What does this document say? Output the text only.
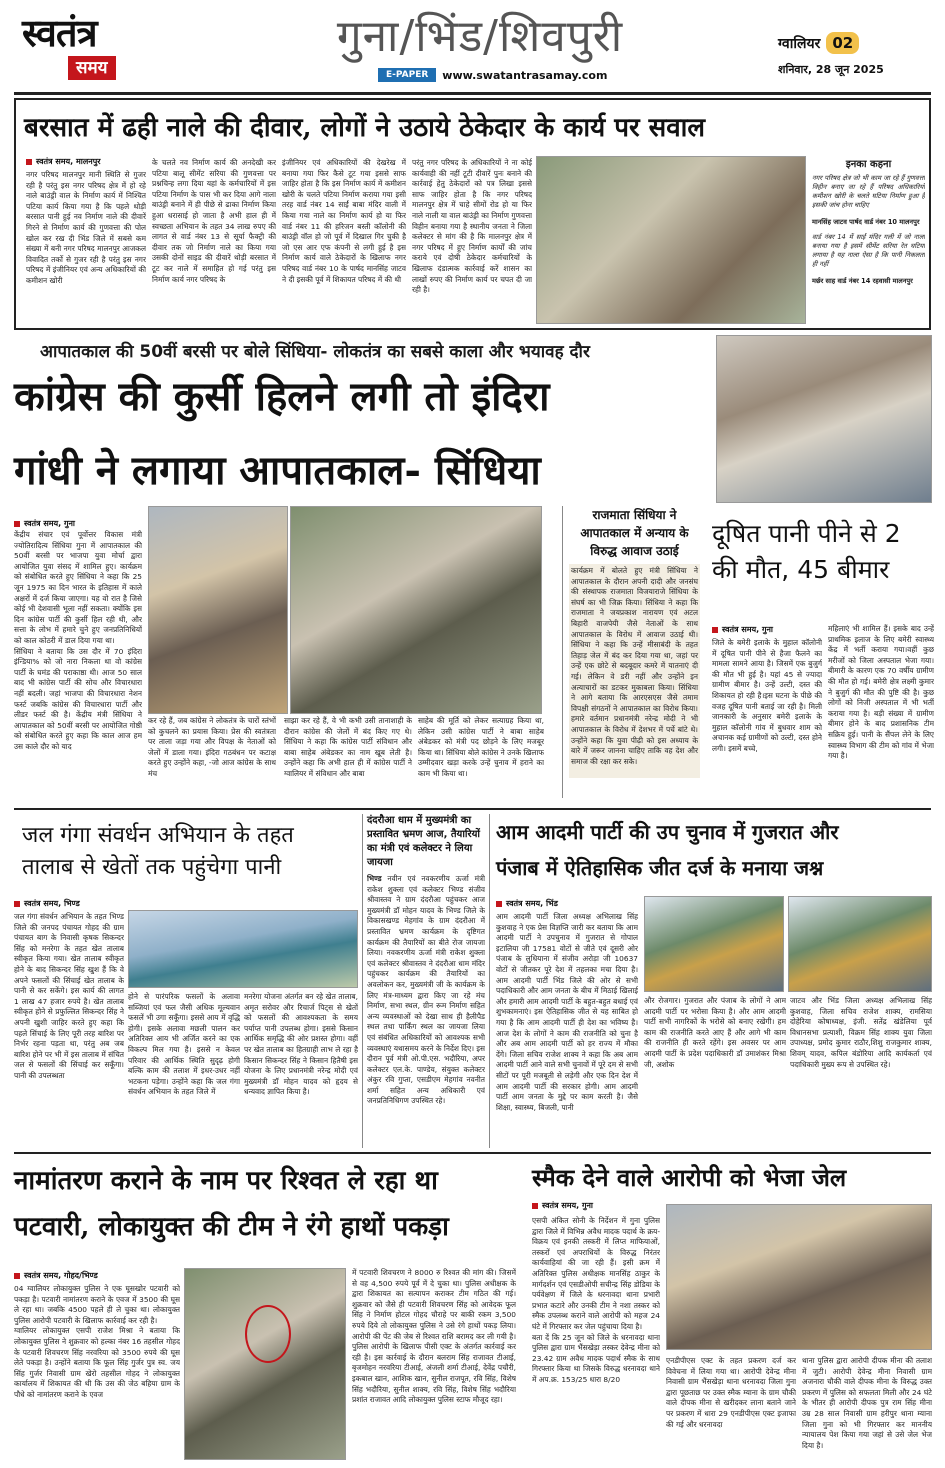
स्वतंत्र
समय
गुना/भिंड/शिवपुरी
E-PAPER	www.swatantrasamay.com
ग्वालियर 02
शनिवार, 28 जून 2025
बरसात में ढही नाले की दीवार, लोगों ने उठाये ठेकेदार के कार्य पर सवाल
स्वतंत्र समय, मालनपुर
नगर परिषद मालनपुर मानी स्थिति से गुजर रही है परंतु इस नगर परिषद क्षेत्र में हो रहे नाले बाउंड्री वाल के निर्माण कार्य में निश्चित पटिया कार्य किया गया है कि पहले थोड़ी बरसात पानी हुई नव निर्माण नाले की दीवारें गिरने से निर्माण कार्य की गुणवत्ता की पोल खोल कर रख दी भिंड जिले में सबसे कम संख्या में बनी नगर परिषद मालनपुर आजकल विवादित तर्को से गुजर रही है परंतु इस नगर परिषद में इंजीनियर एवं अन्य अधिकारियों की कमीशन खोरी
के चलते नव निर्माण कार्य की अनदेखी कर पटिया बालू सीमेंट सरिया की गुणवत्ता पर प्रश्नचिन्ह लगा दिया यहां के कर्मचारियों में इस पटिया निर्माण के पास भी कर दिया आगे नाला बाउंड्री बनाने में ही पीछे से ढाका निर्माण किया हुआ धरासाई हो जाता है अभी हाल ही में स्वच्छता अभियान के तहत 34 लाख रुपए की लागत से वार्ड नंबर 13 से सूर्या फैक्ट्री की दीवार तक जो निर्माण नाले का किया गया उसकी दोनों साइड की दीवारें थोड़ी बरसात में टूट कर नाले में समाहित हो गई परंतु इस निर्माण कार्य नगर परिषद के
इंजीनियर एवं अधिकारियों की देखरेख में बनाया गया फिर कैसे टूट गया इससे साफ जाहिर होता है कि इस निर्माण कार्य में कमीशन खोरी के चलते पटिया निर्माण कराया गया इसी तरह वार्ड नंबर 14 साईं बाबा मंदिर वाली में किया गया नाले का निर्माण कार्य हो या फिर वार्ड नंबर 11 की हरिजन बस्ती कॉलोनी की बाउंड्री वॉल हो जो पूर्व में दिखाल गिर चुकी है जो एस आर एफ कंपनी से लगी हुई है इस निर्माण कार्य वाले ठेकेदारों के खिलाफ नगर परिषद वार्ड नंबर 10 के पार्षद मानसिंह जाटव ने दी इसकी पूर्व में शिकायत परिषद में की थी
परंतु नगर परिषद के अधिकारियों ने ना कोई कार्यवाही की नहीं टूटी दीवारें पुनः बनाने की कार्रवाई हेतु ठेकेदारों को पत्र लिखा इससे साफ जाहिर होता है कि नगर परिषद मालनपुर क्षेत्र में चाहे सीमों रोड हो या फिर नाले नाली या वाल बाउंड्री का निर्माण गुणवत्ता विहीन बनाया गया है स्थानीय जनता ने जिला कलेक्टर से मांग की है कि मालनपुर क्षेत्र में नगर परिषद में हुए निर्माण कार्यों की जांच कराये एवं दोषी ठेकेदार कर्मचारियों के खिलाफ दंडात्मक कार्रवाई करें शासन का लाखों रुपए की निर्माण कार्य पर चपत दी जा रही है।
इनका कहना
नगर परिषद क्षेत्र जो भी काम जा रहे हैं गुणवत्ता विहीन बनाए जा रहे हैं परिषद अधिकारियों कमीशन खोरी के चलते घटिया निर्माण हुआ है इसकी जांच होना चाहिए
मानसिंह जाटव पार्षद वार्ड नंबर 10 मालनपुर
वार्ड नंबर 14 में साईं मंदिर गली में जो नाला बनाया गया है इसमें सीमेंट सरिया रेत घटिया लगाया है यह नाला ऐसा है कि पानी निकलता ही नहीं
मर्छर साह वार्ड नंबर 14 रहवासी मालनपुर
आपातकाल की 50वीं बरसी पर बोले सिंधिया- लोकतंत्र का सबसे काला और भयावह दौर
कांग्रेस की कुर्सी हिलने लगी तो इंदिरा
गांधी ने लगाया आपातकाल- सिंधिया
स्वतंत्र समय, गुना
केंद्रीय संचार एवं पूर्वोत्तर विकास मंत्री ज्योतिरादित्य सिंधिया गुना में आपातकाल की 50वीं बरसी पर भाजपा युवा मोर्चा द्वारा आयोजित युवा संसद में शामिल हुए। कार्यक्रम को संबोधित करते हुए सिंधिया ने कहा कि 25 जून 1975 का दिन भारत के इतिहास में काले अक्षरों में दर्ज किया जाएगा। यह वो रात है जिसे कोई भी देशवासी भूला नहीं सकता। क्योंकि इस दिन कांग्रेस पार्टी की कुर्सी हिल रही थी, और सत्ता के लोभ में हमारे चुने हुए जनप्रतिनिधियों को काल कोठरी में डाल दिया गया था।
सिंधिया ने बताया कि उस दौर में 70 इंदिरा इंन्डिया% को जो नारा निकला था वो कांग्रेस पार्टी के घमंड की पराकाष्ठा थी। आज 50 साल बाद भी कांग्रेस पार्टी की सोच और विचारधारा नहीं बदली। जहां भाजपा की विचारधारा नेशन फर्स्ट जबकि कांग्रेस की विचारधारा पार्टी और लीडर फर्स्ट की है। केंद्रीय मंत्री सिंधिया ने आपातकाल को 50वीं बरसी पर आयोजित गोष्ठी को संबोधित करते हुए कहा कि काल आज हम उस काले दौर को याद
कर रहे हैं, जब कांग्रेस ने लोकतंत्र के चारों स्तंभों को कुचलने का प्रयास किया। प्रेस की स्वतंत्रता पर ताला जड़ा गया और विपक्ष के नेताओं को जेलों में डाला गया। इंदिरा गठबंधन पर कटाक्ष करते हुए उन्होंने कहा, -जो आज कांग्रेस के साथ मंच
साझा कर रहे हैं, वे भी कभी उसी तानाशाही के दौरान कांग्रेस की जेलों में बंद किए गए थे। सिंधिया ने कहा कि कांग्रेस पार्टी संविधान और बाबा साहेब अंबेडकर का नाम खूब लेती है। उन्होंने कहा कि अभी हाल ही में कांग्रेस पार्टी ने ग्वालियर में संविधान और बाबा
साहेब की मूर्ति को लेकर सत्याग्रह किया था, लेकिन उसी कांग्रेस पार्टी ने बाबा साहेब अंबेडकर को मंत्री पद छोड़ने के लिए मजबूर किया था। सिंधिया बोले कांग्रेस ने उनके खिलाफ उम्मीदवार खड़ा करके उन्हें चुनाव में हराने का काम भी किया था।
राजमाता सिंधिया ने आपातकाल में अन्याय के विरुद्ध आवाज उठाई
कार्यक्रम में बोलते हुए मंत्री सिंधिया ने आपातकाल के दौरान अपनी दादी और जनसंघ की संस्थापक राजमाता विजयाराजे सिंधिया के संघर्ष का भी जिक्र किया। सिंधिया ने कहा कि राजमाता ने जयप्रकाश नारायण एवं अटल बिहारी वाजपेयी जैसे नेताओं के साथ आपातकाल के विरोध में आवाज उठाई थी। सिंधिया ने कहा कि उन्हें मीसाबंदी के तहत तिहाड़ जेल में बंद कर दिया गया था, जहां पर उन्हें एक छोटे से बदबूदार कमरे में यातनाएं दी गई। लेकिन वे डरी नहीं और उन्होंने इन अत्याचारों का डटकर मुकाबला किया। सिंधिया ने आगे बताया कि आरएसएस जैसे तमाम विपक्षी संगठनों ने आपातकाल का विरोध किया। हमारे वर्तमान प्रधानमंत्री नरेन्द्र मोदी ने भी आपातकाल के विरोध में देशभर में पर्चे बांटे थे। उन्होंने कहा कि युवा पीढ़ी को इस अध्याय के बारे में जरूर जानना चाहिए ताकि वह देश और समाज की रक्षा कर सके।
दूषित पानी पीने से 2 की मौत, 45 बीमार
स्वतंत्र समय, गुना
जिले के बमेरी इलाके के मुहाल कॉलोनी में दूषित पानी पीने से हैजा फैलने का मामला सामने आया है। जिसमें एक बुजुर्ग की मौत भी हुई है। यहां 45 से ज्यादा ग्रामीण बीमार है। उन्हें उल्टी, दस्त की शिकायत हो रही है।इस घटना के पीछे की वजह दूषित पानी बताई जा रही है। मिली जानकारी के अनुसार बमेरी इलाके के मुहाल कॉलोनी गांव में बुधवार शाम को अचानक कई ग्रामीणों को उल्टी, दस्त होने लगी। इसमें बच्चे,
महिलाएं भी शामिल हैं। इसके बाद उन्हें प्राथमिक इलाज के लिए बमेरी स्वास्थ्य केंद्र में भर्ती कराया गया।वहीं कुछ मरीजों को जिला अस्पताल भेजा गया। बीमारी के कारण एक 70 वर्षीय ग्रामीण की मौत हो गई। बमेरी क्षेत्र लक्ष्मी कुमार ने बुजुर्ग की मौत की पुष्टि की है। कुछ लोगों को निजी अस्पताल में भी भर्ती कराया गया है। बड़ी संख्या में ग्रामीण बीमार होने के बाद प्रशासनिक टीम सक्रिय हुई। पानी के सैंपल लेने के लिए स्वास्थ्य विभाग की टीम को गांव में भेजा गया है।
जल गंगा संवर्धन अभियान के तहत तालाब से खेतों तक पहुंचेगा पानी
स्वतंत्र समय, भिण्ड
जल गंगा संवर्धन अभियान के तहत भिण्ड जिले की जनपद पंचायत गोहद की ग्राम पंचायत बाग के निवासी कृषक सिकन्दर सिंह को मनरेगा के तहत खेत तालाब स्वीकृत किया गया। खेत तालाब स्वीकृत होने के बाद सिकन्दर सिंह खुश हैं कि वे अपने फसलों की सिंचाई खेत तालाब के पानी से कर सकेंगे। इस कार्य की लागत 1 लाख 47 हजार रुपये है। खेत तालाब स्वीकृत होने से प्रफुल्लित सिकन्दर सिंह ने अपनी खुशी जाहिर करते हुए कहा कि पहले सिंचाई के लिए पूरी तरह बारिश पर निर्भर रहना पड़ता था, परंतु अब जब बारिश होने पर भी में इस तालाब में संचित जल से फसलों की सिंचाई कर सकूँगा। पानी की उपलब्धता
होने से पारंपरिक फसलों के अलावा सब्जियां एवं फल जैसी अधिक मूल्यवान फसलें भी उगा सकूँगा। इससे आय में वृद्धि होगी। इसके अलावा मछली पालन कर अतिरिक्त आय भी अर्जित करने का एक विकल्प मिल गया है। इससे न केवल परिवार की आर्थिक स्थिति सुदृढ़ होगी बल्कि काम की तलाश में इधर-उधर नहीं भटकना पड़ेगा। उन्होंने कहा कि जल गंगा संवर्धन अभियान के तहत जिले में
मनरेगा योजना अंतर्गत बन रहे खेत तालाब, अमृत सरोवर और रिचार्ज पिट्स से खेतों को फसलों की आवश्यकता के समय पर्याप्त पानी उपलब्ध होगा। इससे किसान आर्थिक समृद्धि की ओर प्रशस्त होगा। वहीं पर खेत तालाब का हितग्राही लाभ ले रहा है किसान सिकन्दर सिंह ने किसान हितैषी इस योजना के लिए प्रधानमंत्री नरेन्द्र मोदी एवं मुख्यमंत्री डॉ मोहन यादव को हृदय से धन्यवाद ज्ञापित किया है।
दंदरौआ धाम में मुख्यमंत्री का प्रस्तावित भ्रमण आज, तैयारियों का मंत्री एवं कलेक्टर ने लिया जायजा
भिण्ड नवीन एवं नवकरणीय ऊर्जा मंत्री राकेश शुक्ला एवं कलेक्टर भिण्ड संजीव श्रीवास्तव ने ग्राम दंदरौआ पहुंचकर आज मुख्यमंत्री डॉ मोहन यादव के भिण्ड जिले के विकासखण्ड मेहगांव के ग्राम दंदरौआ में प्रस्तावित भ्रमण कार्यक्रम के दृष्टिगत कार्यक्रम की तैयारियों का बीते रोज जायजा लिया। नवकरणीय ऊर्जा मंत्री राकेश शुक्ला एवं कलेक्टर श्रीवास्तव ने दंदरौआ धाम मंदिर पहुंचकर कार्यक्रम की तैयारियों का अवलोकन कर, मुख्यमंत्री जी के कार्यक्रम के लिए मंत्र-माध्यम द्वारा किए जा रहे मंच निर्माण, सभा स्थल, ग्रीन रूम निर्माण सहित अन्य व्यवस्थाओं को देखा साथ ही हैलीपैड स्थल तथा पार्किंग स्थल का जायजा लिया एवं संबंधित अधिकारियों को आवश्यक सभी व्यवस्थाएं यथासमय करने के निर्देश दिए। इस दौरान पूर्व मंत्री ओ.पी.एस. भदौरिया, अपर कलेक्टर एल.के. पाण्डेय, संयुक्त कलेक्टर अंकुर रवि गुप्ता, एसडीएम मेहगांव नवनीत शर्मा सहित अन्य अधिकारी एवं जनप्रतिनिधिगण उपस्थित रहे।
आम आदमी पार्टी की उप चुनाव में गुजरात और
पंजाब में ऐतिहासिक जीत दर्ज के मनाया जश्न
स्वतंत्र समय, भिंड
आम आदमी पार्टी जिला अध्यक्ष अभिलाख सिंह कुशवाह ने एक प्रेस विज्ञप्ति जारी कर बताया कि आम आदमी पार्टी ने उपचुनाव में गुजरात से गोपाल इटालिया जी 17581 वोटों से जीते एवं दूसरी ओर पंजाब के लुधियाना में संजीव अरोड़ा जी 10637 वोटों से जीतकर पूरे देश में तहलका मचा दिया है। आम आदमी पार्टी भिंड जिले की ओर से सभी पदाधिकारी और आम जनता के बीच में मिठाई खिलाई और हमारी आम आदमी पार्टी के बहुत-बहुत बधाई एवं शुभकामनाएं। इस ऐतिहासिक जीत से यह साबित हो गया है कि आम आदमी पार्टी ही देश का भविष्य है। आज देश के लोगों ने काम की राजनीति को चुना है और अब आम आदमी पार्टी को हर राज्य में मौका देंगे। जिला सचिव राजेश शाक्य ने कहा कि अब आम आदमी पार्टी आने वाले सभी चुनावों में पूरे दम से सभी सीटों पर पूरी मजबूती से लड़ेगी और एक दिन देश में आम आदमी पार्टी की सरकार होगी। आम आदमी पार्टी आम जनता के मुद्दे पर काम करती है। जैसे शिक्षा, स्वास्थ्य, बिजली, पानी
और रोजगार। गुजरात और पंजाब के लोगों ने आम आदमी पार्टी पर भरोसा किया है। और आम आदमी पार्टी सभी नागरिकों के भरोसे को बनाए रखेगी। हम काम की राजनीति करते आए हैं और आगे भी काम की राजनीति ही करते रहेंगे। इस अवसर पर आम आदमी पार्टी के प्रदेश पदाधिकारी डॉ उमाशंकर मिश्रा जी, अशोक
जाटव और भिंड जिला अध्यक्ष अभिलाख सिंह कुशवाह, जिला सचिव राजेश शाक्य, रामसिया दोहेरिया कोषाध्यक्ष, इंजी. सतेंद्र खंडेलिया पूर्व विधानसभा प्रत्याशी, विक्रम सिंह शाक्य युवा जिला उपाध्यक्ष, प्रमोद कुमार राठौर,शिशु राजकुमार शाक्य, शिवम् यादव, कपिल बंडोरिया आदि कार्यकर्ता एवं पदाधिकारी मुख्य रूप से उपस्थित रहे।
नामांतरण कराने के नाम पर रिश्वत ले रहा था
पटवारी, लोकायुक्त की टीम ने रंगे हाथों पकड़ा
स्वतंत्र समय, गोहद/भिण्ड
04 ग्वालियर लोकायुक्त पुलिस ने एक घूसखोर पटवारी को पकड़ा है। पटवारी नामांतरण कराने के एवज में 3500 की घूस ले रहा था। जबकि 4500 पहले ही ले चुका था। लोकायुक्त पुलिस आरोपी पटवारी के खिलाफ कार्रवाई कर रही है।
ग्वालियर लोकायुक्त एसपी राजेश मिश्रा ने बताया कि लोकायुक्त पुलिस ने शुक्रवार को हल्का नंबर 16 तहसील गोहद के पटवारी शिवचरण सिंह नरवरिया को 3500 रुपये की घूस लेते पकड़ा है। उन्होंने बताया कि फूल सिंह गुर्जर पुत्र स्व. जय सिंह गुर्जर निवासी ग्राम खेरो तहसील गोहद ने लोकायुक्त कार्यालय में शिकायत की थी कि उस की जेठ बहिया ग्राम के पौधे को नामांतरण कराने के एवज
में पटवारी शिवचरण ने 8000 रु रिश्वत की मांग की। जिसमें से वह 4,500 रुपये पूर्व में दे चुका था। पुलिस अधीक्षक के द्वारा शिकायत का सत्यापन कराकर टीम गठित की गई। शुक्रवार को जैसे ही पटवारी शिवचरण सिंह को आवेदक फूल सिंह ने निर्माण होटल गोहद चौराहे पर बाकी रकम 3,500 रुपये दिये तो लोकायुक्त पुलिस ने उसे रंगे हाथों पकड़ लिया। आरोपी की पेंट की जेब से रिश्वत राशि बरामद कर ली गयी है। पुलिस आरोपी के खिलाफ पीसी एक्ट के अंतर्गत कार्रवाई कर रही है। इस कार्रवाई के दौरान बलराम सिंह राजावत टीआई, बृजमोहन नरवरिया टीआई, अंजली शर्मा टीआई, देवेंद्र पचौरी, इकबाल खान, आशिक खान, सुनील राजपूत, रवि सिंह, विशेष सिंह भदौरिया, सुनील शाक्य, रवि सिंह, विशेष सिंह भदौरिया प्रशांत राजावत आदि लोकायुक्त पुलिस स्टाफ मौजूद रहा।
स्मैक देने वाले आरोपी को भेजा जेल
स्वतंत्र समय, गुना
एसपी अंकित सोनी के निर्देशन में गुना पुलिस द्वारा जिले में विभिन्न अवैध मादक पदार्थ के क्रय-विक्रय एवं इनकी तस्करी में लिप्त माफियाओं, तस्करों एवं अपराधियों के विरुद्ध निरंतर कार्यवाहियां की जा रही हैं। इसी क्रम में अतिरिक्त पुलिस अधीक्षक मानसिंह ठाकुर के मार्गदर्शन एवं एसडीओपी सचीन्द्र सिंह डोडिया के पर्यवेक्षण में जिले के धरनावदा थाना प्रभारी प्रभात कटारे और उनकी टीम ने नशा तस्कर को स्मैक उपलब्ध कराने वाले आरोपी को महज 24 घंटे में गिरफ्तार कर जेल पहुंचाया दिया है।
बता दें कि 25 जून को जिले के धरनावदा थाना पुलिस द्वारा ग्राम भैंसखेड़ा तस्कर देवेन्द्र मीना को 23.42 ग्राम अवैध मादक पदार्थ स्मैक के साथ गिरफ्तार किया था जिसके विरुद्ध धरनावदा थाने में अप.क्र. 153/25 धारा 8/20
एनडीपीएस एक्ट के तहत प्रकरण दर्ज कर विवेचना में लिया गया था। आरोपी देवेन्द्र मीना निवासी ग्राम भैंसखेड़ा थाना धरनावदा जिला गुना द्वारा पूछताछ पर उक्त स्मैक म्याना के ग्राम चौकी वाले दीपक मीना से खरीदकर लाना बताने जाने पर प्रकरण में धारा 29 एनडीपीएस एक्ट इजाफा की गई और धरनावदा
थाना पुलिस द्वारा आरोपी दीपक मीना की तलाश में जुटी। आरोपी देवेन्द्र मीना निवासी ग्राम अजनारा चौकी वाले दीपक मीना के विरुद्ध उक्त प्रकरण में पुलिस को सफलता मिली और 24 घंटे के भीतर ही आरोपी दीपक पुत्र राम सिंह मीना उम्र 28 साल निवासी ग्राम हरीपुर थाना म्याना जिला गुना को भी गिरफ्तार कर माननीय न्यायालय पेश किया गया जहां से उसे जेल भेज दिया है।
